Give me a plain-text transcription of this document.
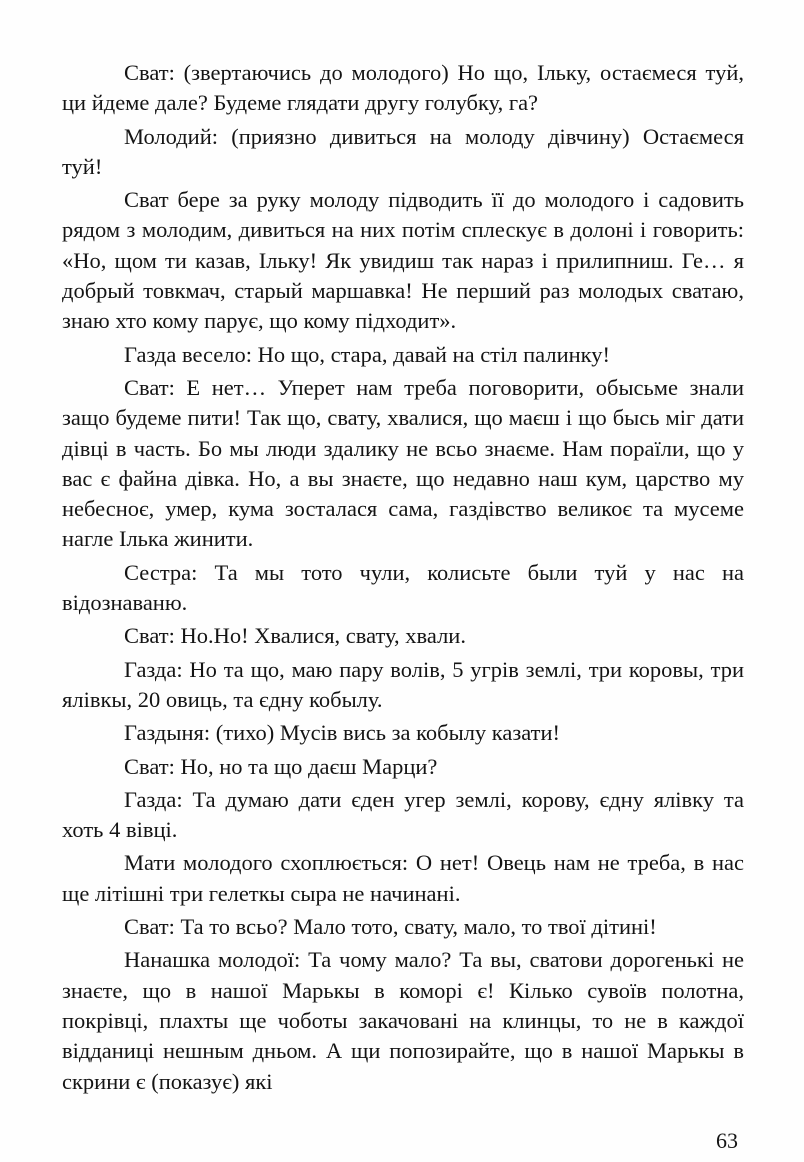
Сват: (звертаючись до молодого) Но що, Ільку, остаємеся туй, ци йдеме дале? Будеме глядати другу голубку, га?

Молодий: (приязно дивиться на молоду дівчину) Остаємеся туй!

Сват бере за руку молоду підводить її до молодого і садовить рядом з молодим, дивиться на них потім сплескує в долоні і говорить: «Но, щом ти казав, Ільку! Як увидиш так нараз і прилипниш. Ге… я добрый товкмач, старый маршавка! Не перший раз молодых сватаю, знаю хто кому парує, що кому підходит».

Газда весело: Но що, стара, давай на стіл палинку!

Сват: Е нет… Уперет нам треба поговорити, обысьме знали защо будеме пити! Так що, свату, хвалися, що маєш і що бысь міг дати дівці в часть. Бо мы люди здалику не всьо знаєме. Нам пораїли, що у вас є файна дівка. Но, а вы знаєте, що недавно наш кум, царство му небесноє, умер, кума зосталася сама, газдівство великоє та мусеме нагле Ілька жинити.

Сестра: Та мы тото чули, колисьте были туй у нас на відознаваню.

Сват: Но.Но! Хвалися, свату, хвали.

Газда: Но та що, маю пару волів, 5 угрів землі, три коровы, три ялівкы, 20 овиць, та єдну кобылу.

Газдыня: (тихо) Мусів вись за кобылу казати!

Сват: Но, но та що даєш Марци?

Газда: Та думаю дати єден угер землі, корову, єдну ялівку та хоть 4 вівці.

Мати молодого схоплюється: О нет! Овець нам не треба, в нас ще літішні три гелеткы сыра не начинані.

Сват: Та то всьо? Мало тото, свату, мало, то твої дітині!

Нанашка молодої: Та чому мало? Та вы, сватови дорогенькі не знаєте, що в нашої Марькы в коморі є! Кілько сувоїв полотна, покрівці, плахты ще чоботы закачовані на клинцы, то не в каждої відданиці нешным дньом. А щи попозирайте, що в нашої Марькы в скрини є (показує) які

63
